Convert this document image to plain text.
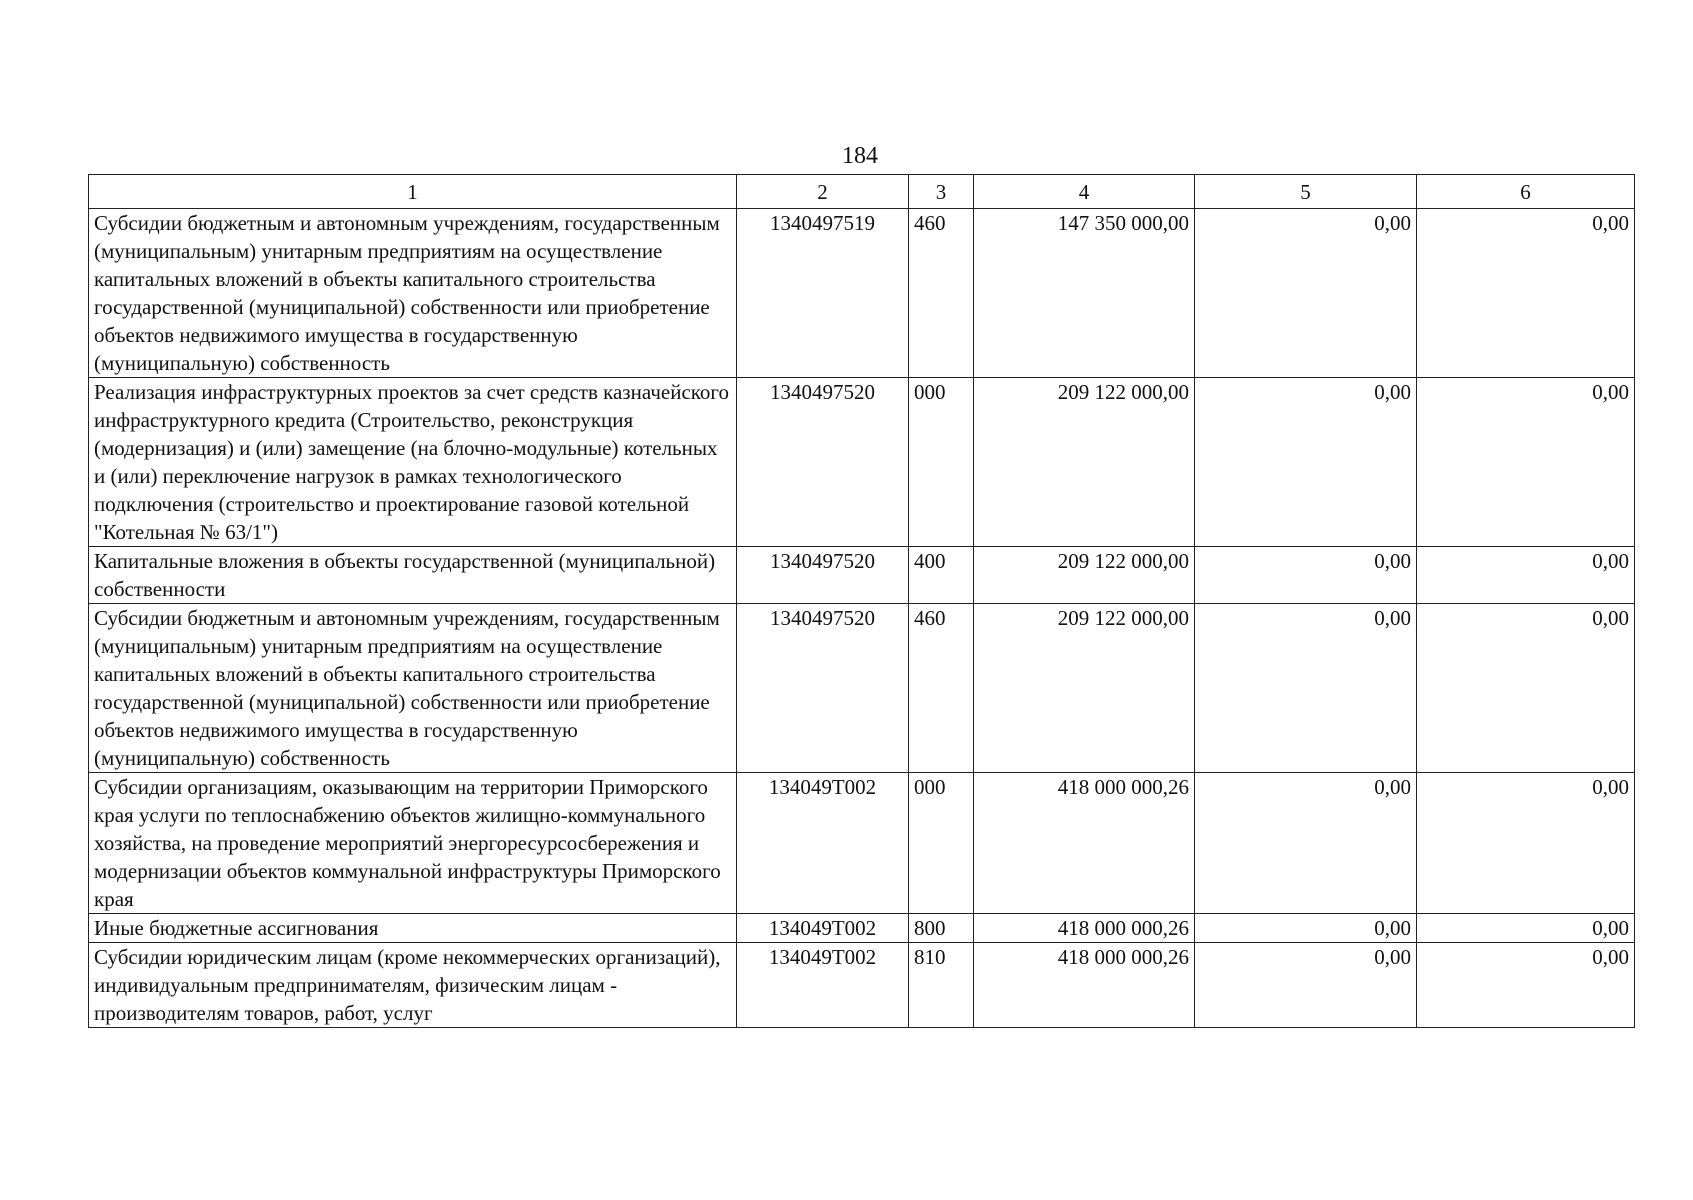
184
1	2	3	4	5	6
Субсидии бюджетным и автономным учреждениям, государственным (муниципальным) унитарным предприятиям на осуществление капитальных вложений в объекты капитального строительства государственной (муниципальной) собственности или приобретение объектов недвижимого имущества в государственную (муниципальную) собственность	1340497519	460	147 350 000,00	0,00	0,00
Реализация инфраструктурных проектов за счет средств казначейского инфраструктурного кредита (Строительство, реконструкция (модернизация) и (или) замещение (на блочно-модульные) котельных и (или) переключение нагрузок в рамках технологического подключения (строительство и проектирование газовой котельной "Котельная № 63/1")	1340497520	000	209 122 000,00	0,00	0,00
Капитальные вложения в объекты государственной (муниципальной) собственности	1340497520	400	209 122 000,00	0,00	0,00
Субсидии бюджетным и автономным учреждениям, государственным (муниципальным) унитарным предприятиям на осуществление капитальных вложений в объекты капитального строительства государственной (муниципальной) собственности или приобретение объектов недвижимого имущества в государственную (муниципальную) собственность	1340497520	460	209 122 000,00	0,00	0,00
Субсидии организациям, оказывающим на территории Приморского края услуги по теплоснабжению объектов жилищно-коммунального хозяйства, на проведение мероприятий энергоресурсосбережения и модернизации объектов коммунальной инфраструктуры Приморского края	134049Т002	000	418 000 000,26	0,00	0,00
Иные бюджетные ассигнования	134049Т002	800	418 000 000,26	0,00	0,00
Субсидии юридическим лицам (кроме некоммерческих организаций), индивидуальным предпринимателям, физическим лицам - производителям товаров, работ, услуг	134049Т002	810	418 000 000,26	0,00	0,00
